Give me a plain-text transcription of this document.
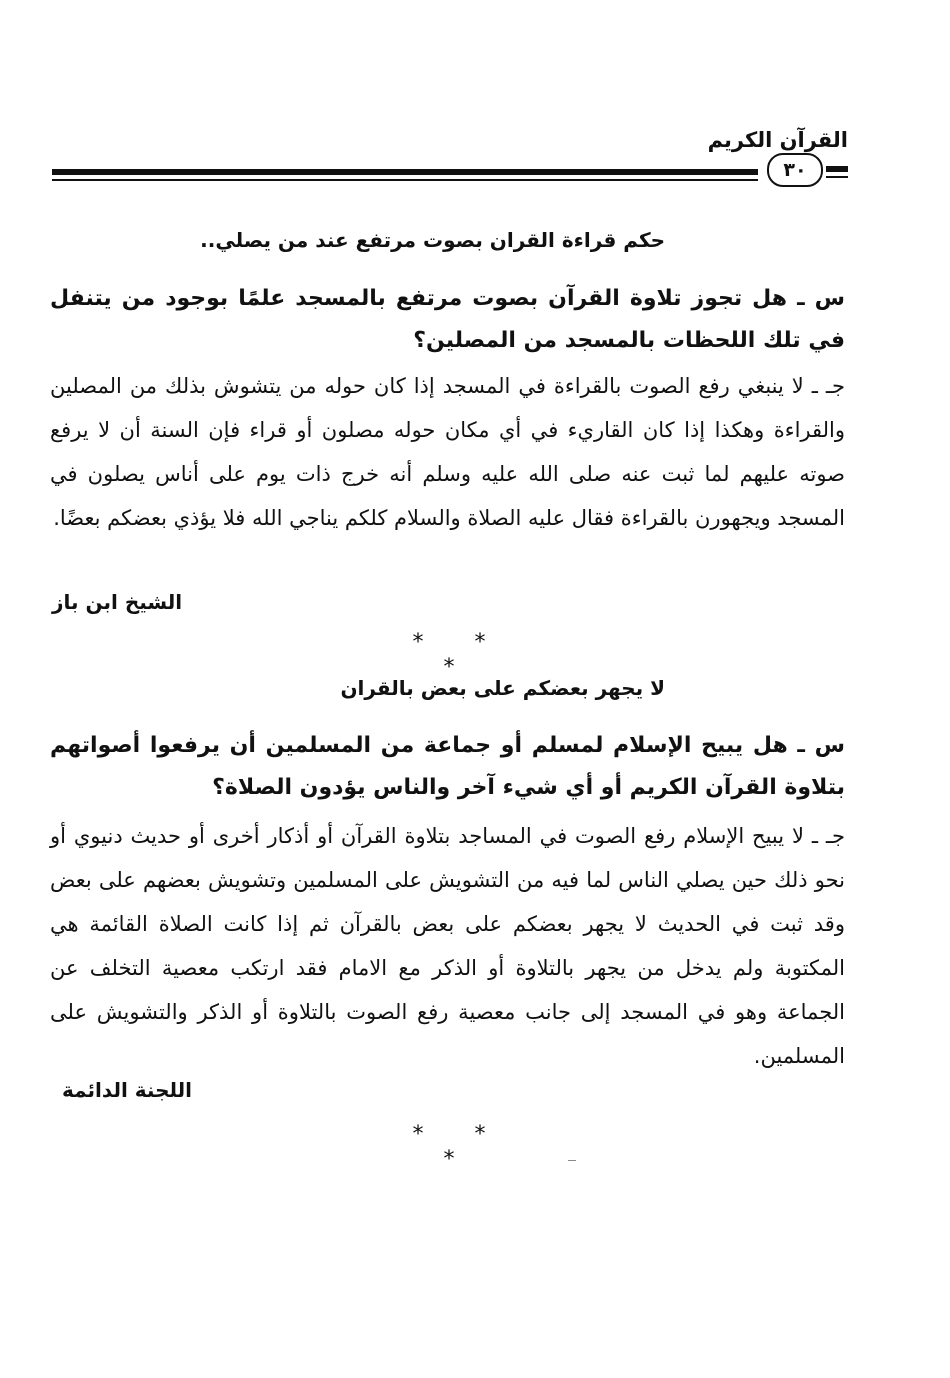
القرآن الكريم
٣٠
حكم قراءة القران بصوت مرتفع عند من يصلي..
س ـ هل تجوز تلاوة القرآن بصوت مرتفع بالمسجد علمًا بوجود من يتنفل في تلك اللحظات بالمسجد من المصلين؟
جـ ـ لا ينبغي رفع الصوت بالقراءة في المسجد إذا كان حوله من يتشوش بذلك من المصلين والقراءة وهكذا إذا كان القاريء في أي مكان حوله مصلون أو قراء فإن السنة أن لا يرفع صوته عليهم لما ثبت عنه صلى الله عليه وسلم أنه خرج ذات يوم على أناس يصلون في المسجد ويجهورن بالقراءة فقال عليه الصلاة والسلام كلكم يناجي الله فلا يؤذي بعضكم بعضًا.
الشيخ ابن باز
* * *
لا يجهر بعضكم على بعض بالقران
س ـ هل يبيح الإسلام لمسلم أو جماعة من المسلمين أن يرفعوا أصواتهم بتلاوة القرآن الكريم أو أي شيء آخر والناس يؤدون الصلاة؟
جـ ـ لا يبيح الإسلام رفع الصوت في المساجد بتلاوة القرآن أو أذكار أخرى أو حديث دنيوي أو نحو ذلك حين يصلي الناس لما فيه من التشويش على المسلمين وتشويش بعضهم على بعض وقد ثبت في الحديث لا يجهر بعضكم على بعض بالقرآن ثم إذا كانت الصلاة القائمة هي المكتوبة ولم يدخل من يجهر بالتلاوة أو الذكر مع الامام فقد ارتكب معصية التخلف عن الجماعة وهو في المسجد إلى جانب معصية رفع الصوت بالتلاوة أو الذكر والتشويش على المسلمين.
اللجنة الدائمة
* * *
